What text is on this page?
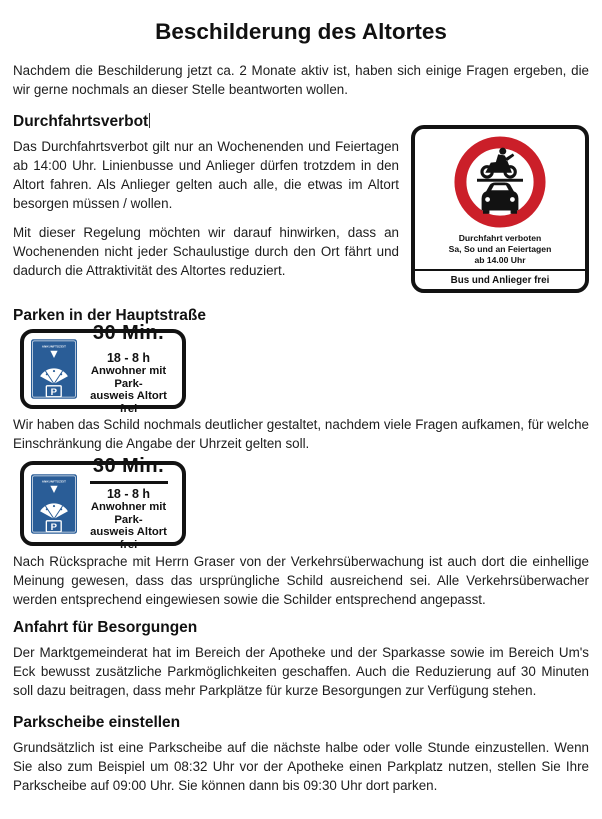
Beschilderung des Altortes

Nachdem die Beschilderung jetzt ca. 2 Monate aktiv ist, haben sich einige Fragen ergeben, die wir gerne nochmals an dieser Stelle beantworten wollen.

Durchfahrt verboten
Sa, So und an Feiertagen
ab 14.00 Uhr
Bus und Anlieger frei
Durchfahrtsverbot

Das Durchfahrtsverbot gilt nur an Wochenenden und Feiertagen ab 14:00 Uhr. Linienbusse und Anlieger dürfen trotzdem in den Altort fahren. Als Anlieger gelten auch alle, die etwas im Altort besorgen müssen / wollen.

Mit dieser Regelung möchten wir darauf hinwirken, dass an Wochenenden nicht jeder Schaulustige durch den Ort fährt und dadurch die Attraktivität des Altortes reduziert.

Parken in der Hauptstraße
ANKUNFTSZEIT
P
30 Min.
18 - 8 h
Anwohner mit Park-
ausweis Altort frei

Wir haben das Schild nochmals deutlicher gestaltet, nachdem viele Fragen aufkamen, für welche Einschränkung die Angabe der Uhrzeit gelten soll.

ANKUNFTSZEIT
P
30 Min.
18 - 8 h
Anwohner mit Park-
ausweis Altort frei

Nach Rücksprache mit Herrn Graser von der Verkehrsüberwachung ist auch dort die einhellige Meinung gewesen, dass das ursprüngliche Schild ausreichend sei. Alle Verkehrsüberwacher werden entsprechend eingewiesen sowie die Schilder entsprechend angepasst.

Anfahrt für Besorgungen

Der Marktgemeinderat hat im Bereich der Apotheke und der Sparkasse sowie im Bereich Um's Eck bewusst zusätzliche Parkmöglichkeiten geschaffen. Auch die Reduzierung auf 30 Minuten soll dazu beitragen, dass mehr Parkplätze für kurze Besorgungen zur Verfügung stehen.

Parkscheibe einstellen

Grundsätzlich ist eine Parkscheibe auf die nächste halbe oder volle Stunde einzustellen. Wenn Sie also zum Beispiel um 08:32 Uhr vor der Apotheke einen Parkplatz nutzen, stellen Sie Ihre Parkscheibe auf 09:00 Uhr. Sie können dann bis 09:30 Uhr dort parken.
